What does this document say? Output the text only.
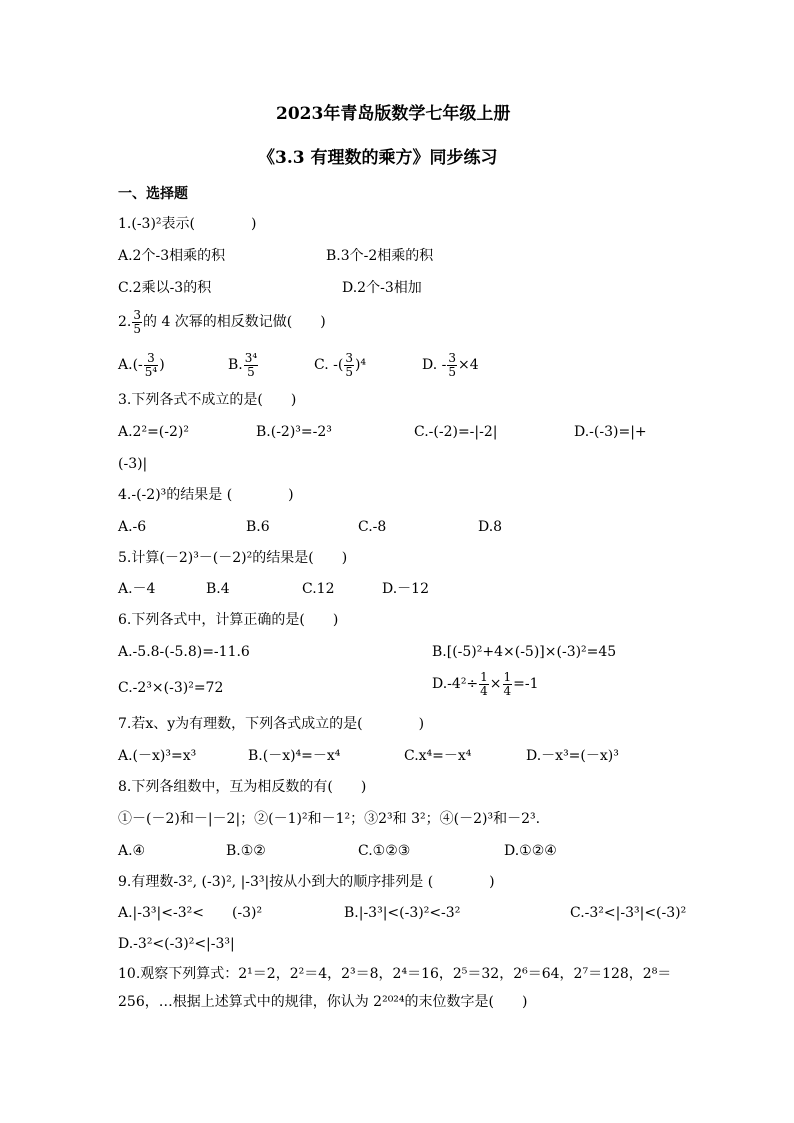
2023年青岛版数学七年级上册
《3.3 有理数的乘方》同步练习
一、选择题
1.(-3)²表示(　　　　)
A.2个-3相乘的积	B.3个-2相乘的积
C.2乘以-3的积	D.2个-3相加
2. $\frac{3}{5}$ 的 4 次幂的相反数记做(　　)
$A.(- \frac{3}{\text{5⁴}}$ )	B. $\frac{\text{3⁴}}{5}$	C. -( $\frac{3}{5} )^4$	D. - $\frac{3}{5} \times 4$
3.下列各式不成立的是(　　)
A.2²=(-2)²	B.(-2)³=-2³	C.-(-2)=-|-2|	D.-(-3)=|+
(-3)|
4.-(-2)³的结果是 (　　　　)
A.-6	B.6	C.-8	D.8
5.计算(－2)³－(－2)²的结果是(　　)
A.－4	B.4	C.12	D.－12
6.下列各式中，计算正确的是(　　)
A.-5.8-(-5.8)=-11.6	B.[(-5)²+4×(-5)]×(-3)²=45
C.-2³×(-3)²=72	$D.-4^2\div \frac{1}{4} \times \frac{1}{4} =-1$
7.若x、y为有理数，下列各式成立的是(　　　　)
A.(－x)³=x³	B.(－x)⁴=－x⁴	C.x⁴=－x⁴	D.－x³=(－x)³
8.下列各组数中，互为相反数的有(　　)
①－(－2)和－|－2|；②(－1)²和－1²；③2³和 3²；④(－2)³和－2³.
A.④	B.①②	C.①②③	D.①②④
9.有理数-3², (-3)², |-3³|按从小到大的顺序排列是 (　　　　)
A.|-3³|<-3²<　　(-3)²	B.|-3³|<(-3)²<-3²	C.-3²<|-3³|<(-3)²
D.-3²<(-3)²<|-3³|
10.观察下列算式：2¹＝2，2²＝4，2³＝8，2⁴＝16，2⁵＝32，2⁶＝64，2⁷＝128，2⁸＝
256，…根据上述算式中的规律，你认为 2²⁰²⁴的末位数字是(　　)
